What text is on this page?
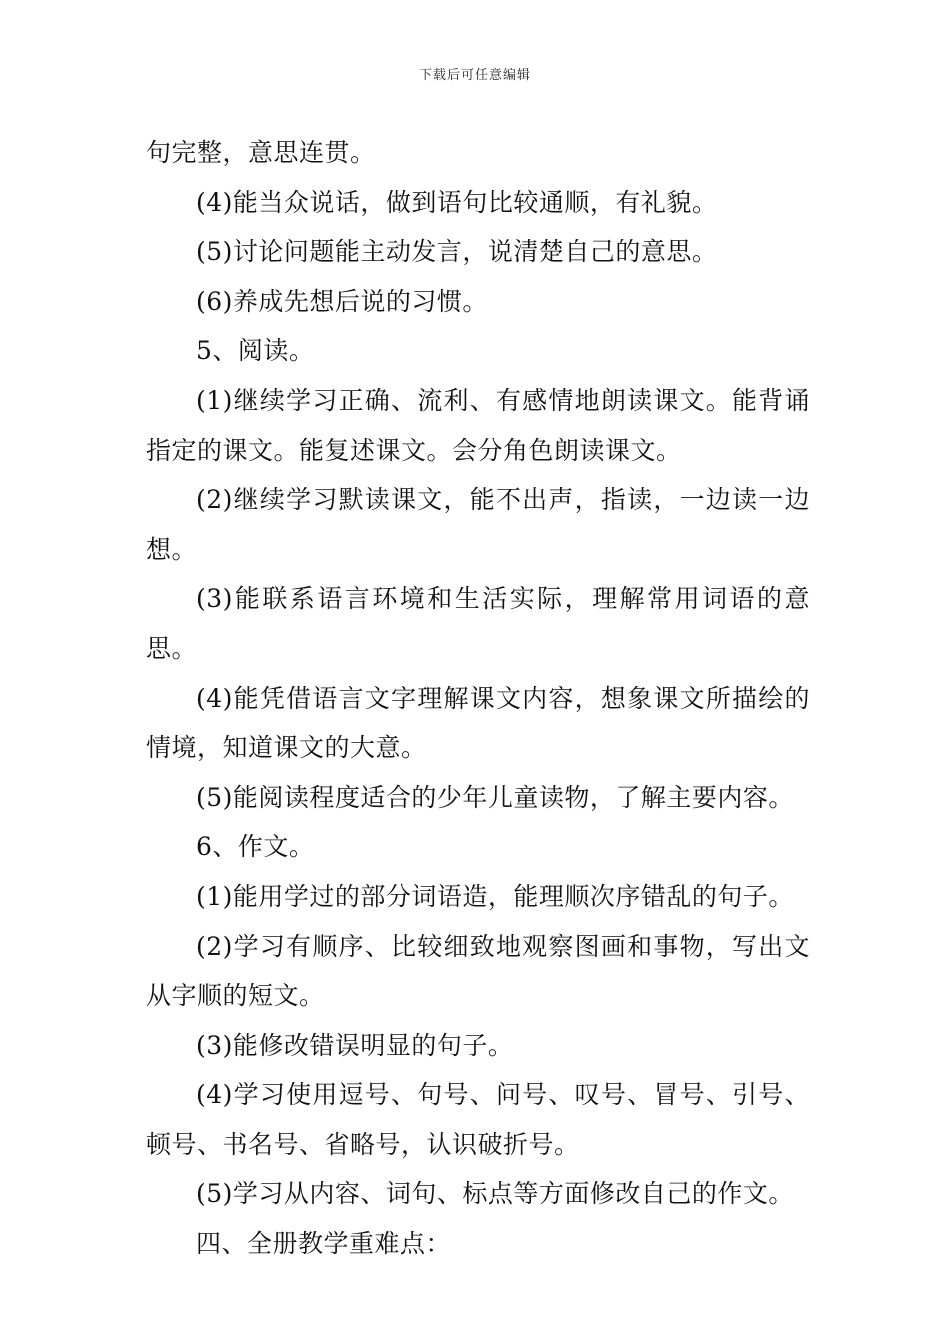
下载后可任意编辑

句完整，意思连贯。

(4)能当众说话，做到语句比较通顺，有礼貌。

(5)讨论问题能主动发言，说清楚自己的意思。

(6)养成先想后说的习惯。

5、阅读。

(1)继续学习正确、流利、有感情地朗读课文。能背诵指定的课文。能复述课文。会分角色朗读课文。

(2)继续学习默读课文，能不出声，指读，一边读一边想。

(3)能联系语言环境和生活实际，理解常用词语的意思。

(4)能凭借语言文字理解课文内容，想象课文所描绘的情境，知道课文的大意。

(5)能阅读程度适合的少年儿童读物，了解主要内容。

6、作文。

(1)能用学过的部分词语造，能理顺次序错乱的句子。

(2)学习有顺序、比较细致地观察图画和事物，写出文从字顺的短文。

(3)能修改错误明显的句子。

(4)学习使用逗号、句号、问号、叹号、冒号、引号、顿号、书名号、省略号，认识破折号。

(5)学习从内容、词句、标点等方面修改自己的作文。

四、全册教学重难点：
